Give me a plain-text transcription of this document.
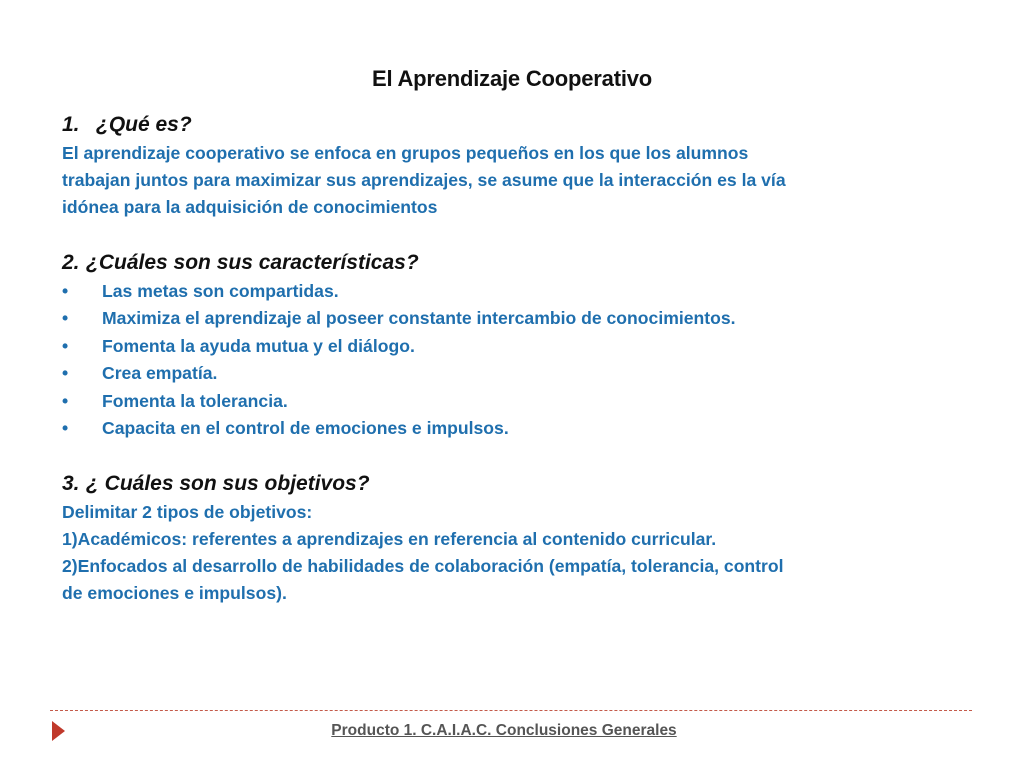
El Aprendizaje Cooperativo
1. ¿Qué es?
El aprendizaje cooperativo se enfoca en grupos pequeños en los que los alumnos
trabajan juntos para maximizar sus aprendizajes, se asume que la interacción es la vía
idónea para la adquisición de conocimientos
2. ¿Cuáles son sus características?
• Las metas son compartidas.
• Maximiza el aprendizaje al poseer constante intercambio de conocimientos.
• Fomenta la ayuda mutua y el diálogo.
• Crea empatía.
• Fomenta la tolerancia.
• Capacita en el control de emociones e impulsos.
3. ¿ Cuáles son sus objetivos?
Delimitar 2 tipos de objetivos:
1)Académicos: referentes a aprendizajes en referencia al contenido curricular.
2)Enfocados al desarrollo de habilidades de colaboración (empatía, tolerancia, control
de emociones e impulsos).
Producto 1. C.A.I.A.C. Conclusiones Generales
